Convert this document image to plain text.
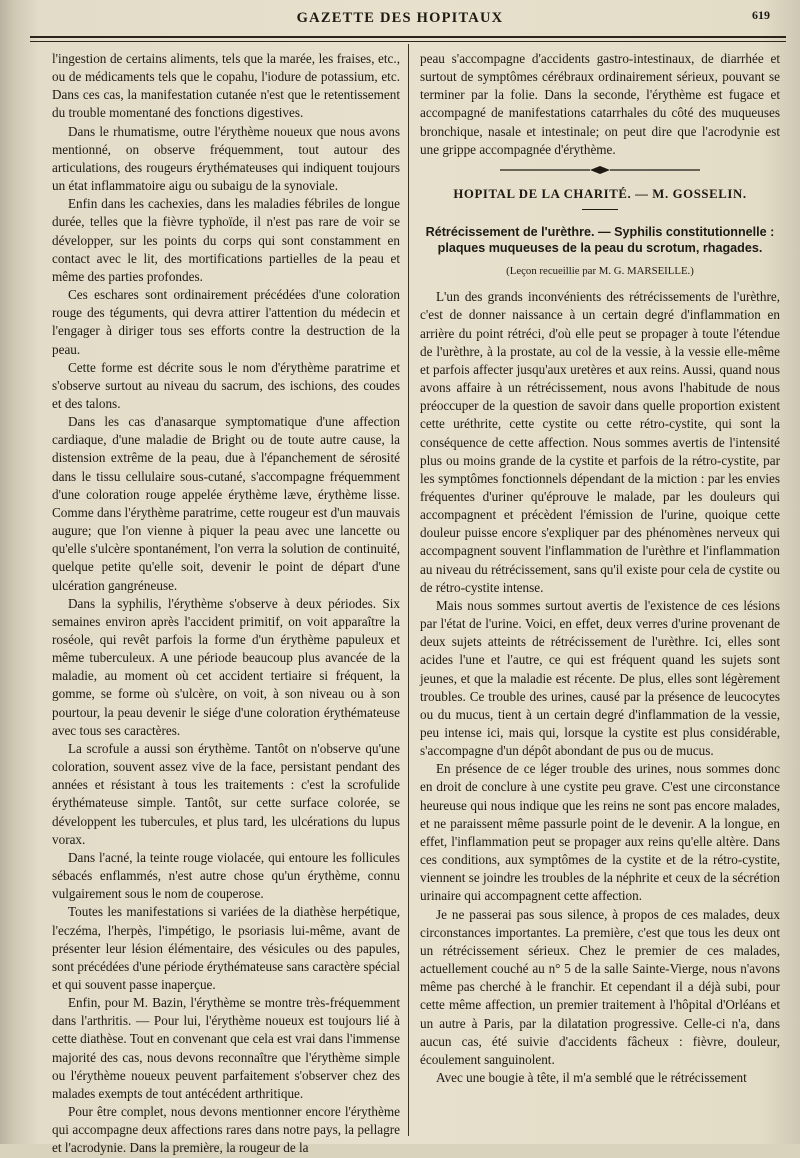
GAZETTE DES HOPITAUX	619

l'ingestion de certains aliments, tels que la marée, les fraises, etc., ou de médicaments tels que le copahu, l'iodure de potassium, etc. Dans ces cas, la manifestation cutanée n'est que le retentissement du trouble momentané des fonctions digestives.

Dans le rhumatisme, outre l'érythème noueux que nous avons mentionné, on observe fréquemment, tout autour des articulations, des rougeurs érythémateuses qui indiquent toujours un état inflammatoire aigu ou subaigu de la synoviale.

Enfin dans les cachexies, dans les maladies fébriles de longue durée, telles que la fièvre typhoïde, il n'est pas rare de voir se développer, sur les points du corps qui sont constamment en contact avec le lit, des mortifications partielles de la peau et même des parties profondes.

Ces eschares sont ordinairement précédées d'une coloration rouge des téguments, qui devra attirer l'attention du médecin et l'engager à diriger tous ses efforts contre la destruction de la peau.

Cette forme est décrite sous le nom d'érythème paratrime et s'observe surtout au niveau du sacrum, des ischions, des coudes et des talons.

Dans les cas d'anasarque symptomatique d'une affection cardiaque, d'une maladie de Bright ou de toute autre cause, la distension extrême de la peau, due à l'épanchement de sérosité dans le tissu cellulaire sous-cutané, s'accompagne fréquemment d'une coloration rouge appelée érythème læve, érythème lisse. Comme dans l'érythème paratrime, cette rougeur est d'un mauvais augure; que l'on vienne à piquer la peau avec une lancette ou qu'elle s'ulcère spontanément, l'on verra la solution de continuité, quelque petite qu'elle soit, devenir le point de départ d'une ulcération gangréneuse.

Dans la syphilis, l'érythème s'observe à deux périodes. Six semaines environ après l'accident primitif, on voit apparaître la roséole, qui revêt parfois la forme d'un érythème papuleux et même tuberculeux. A une période beaucoup plus avancée de la maladie, au moment où cet accident tertiaire si fréquent, la gomme, se forme où s'ulcère, on voit, à son niveau ou à son pourtour, la peau devenir le siége d'une coloration érythémateuse avec tous ses caractères.

La scrofule a aussi son érythème. Tantôt on n'observe qu'une coloration, souvent assez vive de la face, persistant pendant des années et résistant à tous les traitements : c'est la scrofulide érythémateuse simple. Tantôt, sur cette surface colorée, se développent les tubercules, et plus tard, les ulcérations du lupus vorax.

Dans l'acné, la teinte rouge violacée, qui entoure les follicules sébacés enflammés, n'est autre chose qu'un érythème, connu vulgairement sous le nom de couperose.

Toutes les manifestations si variées de la diathèse herpétique, l'eczéma, l'herpès, l'impétigo, le psoriasis lui-même, avant de présenter leur lésion élémentaire, des vésicules ou des papules, sont précédées d'une période érythémateuse sans caractère spécial et qui souvent passe inaperçue.

Enfin, pour M. Bazin, l'érythème se montre très-fréquemment dans l'arthritis. — Pour lui, l'érythème noueux est toujours lié à cette diathèse. Tout en convenant que cela est vrai dans l'immense majorité des cas, nous devons reconnaître que l'érythème simple ou l'érythème noueux peuvent parfaitement s'observer chez des malades exempts de tout antécédent arthritique.

Pour être complet, nous devons mentionner encore l'érythème qui accompagne deux affections rares dans notre pays, la pellagre et l'acrodynie. Dans la première, la rougeur de la

peau s'accompagne d'accidents gastro-intestinaux, de diarrhée et surtout de symptômes cérébraux ordinairement sérieux, pouvant se terminer par la folie. Dans la seconde, l'érythème est fugace et accompagné de manifestations catarrhales du côté des muqueuses bronchique, nasale et intestinale; on peut dire que l'acrodynie est une grippe accompagnée d'érythème.

HOPITAL DE LA CHARITÉ. — M. GOSSELIN.
Rétrécissement de l'urèthre. — Syphilis constitutionnelle : plaques muqueuses de la peau du scrotum, rhagades.
(Leçon recueillie par M. G. MARSEILLE.)

L'un des grands inconvénients des rétrécissements de l'urèthre, c'est de donner naissance à un certain degré d'inflammation en arrière du point rétréci, d'où elle peut se propager à toute l'étendue de l'urèthre, à la prostate, au col de la vessie, à la vessie elle-même et parfois affecter jusqu'aux uretères et aux reins. Aussi, quand nous avons affaire à un rétrécissement, nous avons l'habitude de nous préoccuper de la question de savoir dans quelle proportion existent cette uréthrite, cette cystite ou cette rétro-cystite, qui sont la conséquence de cette affection. Nous sommes avertis de l'intensité plus ou moins grande de la cystite et parfois de la rétro-cystite, par les symptômes fonctionnels dépendant de la miction : par les envies fréquentes d'uriner qu'éprouve le malade, par les douleurs qui accompagnent et précèdent l'émission de l'urine, quoique cette douleur puisse encore s'expliquer par des phénomènes nerveux qui accompagnent souvent l'inflammation de l'urèthre et l'inflammation au niveau du rétrécissement, sans qu'il existe pour cela de cystite ou de rétro-cystite intense.

Mais nous sommes surtout avertis de l'existence de ces lésions par l'état de l'urine. Voici, en effet, deux verres d'urine provenant de deux sujets atteints de rétrécissement de l'urèthre. Ici, elles sont acides l'une et l'autre, ce qui est fréquent quand les sujets sont jeunes, et que la maladie est récente. De plus, elles sont légèrement troubles. Ce trouble des urines, causé par la présence de leucocytes ou du mucus, tient à un certain degré d'inflammation de la vessie, peu intense ici, mais qui, lorsque la cystite est plus considérable, s'accompagne d'un dépôt abondant de pus ou de mucus.

En présence de ce léger trouble des urines, nous sommes donc en droit de conclure à une cystite peu grave. C'est une circonstance heureuse qui nous indique que les reins ne sont pas encore malades, et ne paraissent même passurle point de le devenir. A la longue, en effet, l'inflammation peut se propager aux reins qu'elle altère. Dans ces conditions, aux symptômes de la cystite et de la rétro-cystite, viennent se joindre les troubles de la néphrite et ceux de la sécrétion urinaire qui accompagnent cette affection.

Je ne passerai pas sous silence, à propos de ces malades, deux circonstances importantes. La première, c'est que tous les deux ont un rétrécissement sérieux. Chez le premier de ces malades, actuellement couché au n° 5 de la salle Sainte-Vierge, nous n'avons même pas cherché à le franchir. Et cependant il a déjà subi, pour cette même affection, un premier traitement à l'hôpital d'Orléans et un autre à Paris, par la dilatation progressive. Celle-ci n'a, dans aucun cas, été suivie d'accidents fâcheux : fièvre, douleur, écoulement sanguinolent.

Avec une bougie à tête, il m'a semblé que le rétrécissement
